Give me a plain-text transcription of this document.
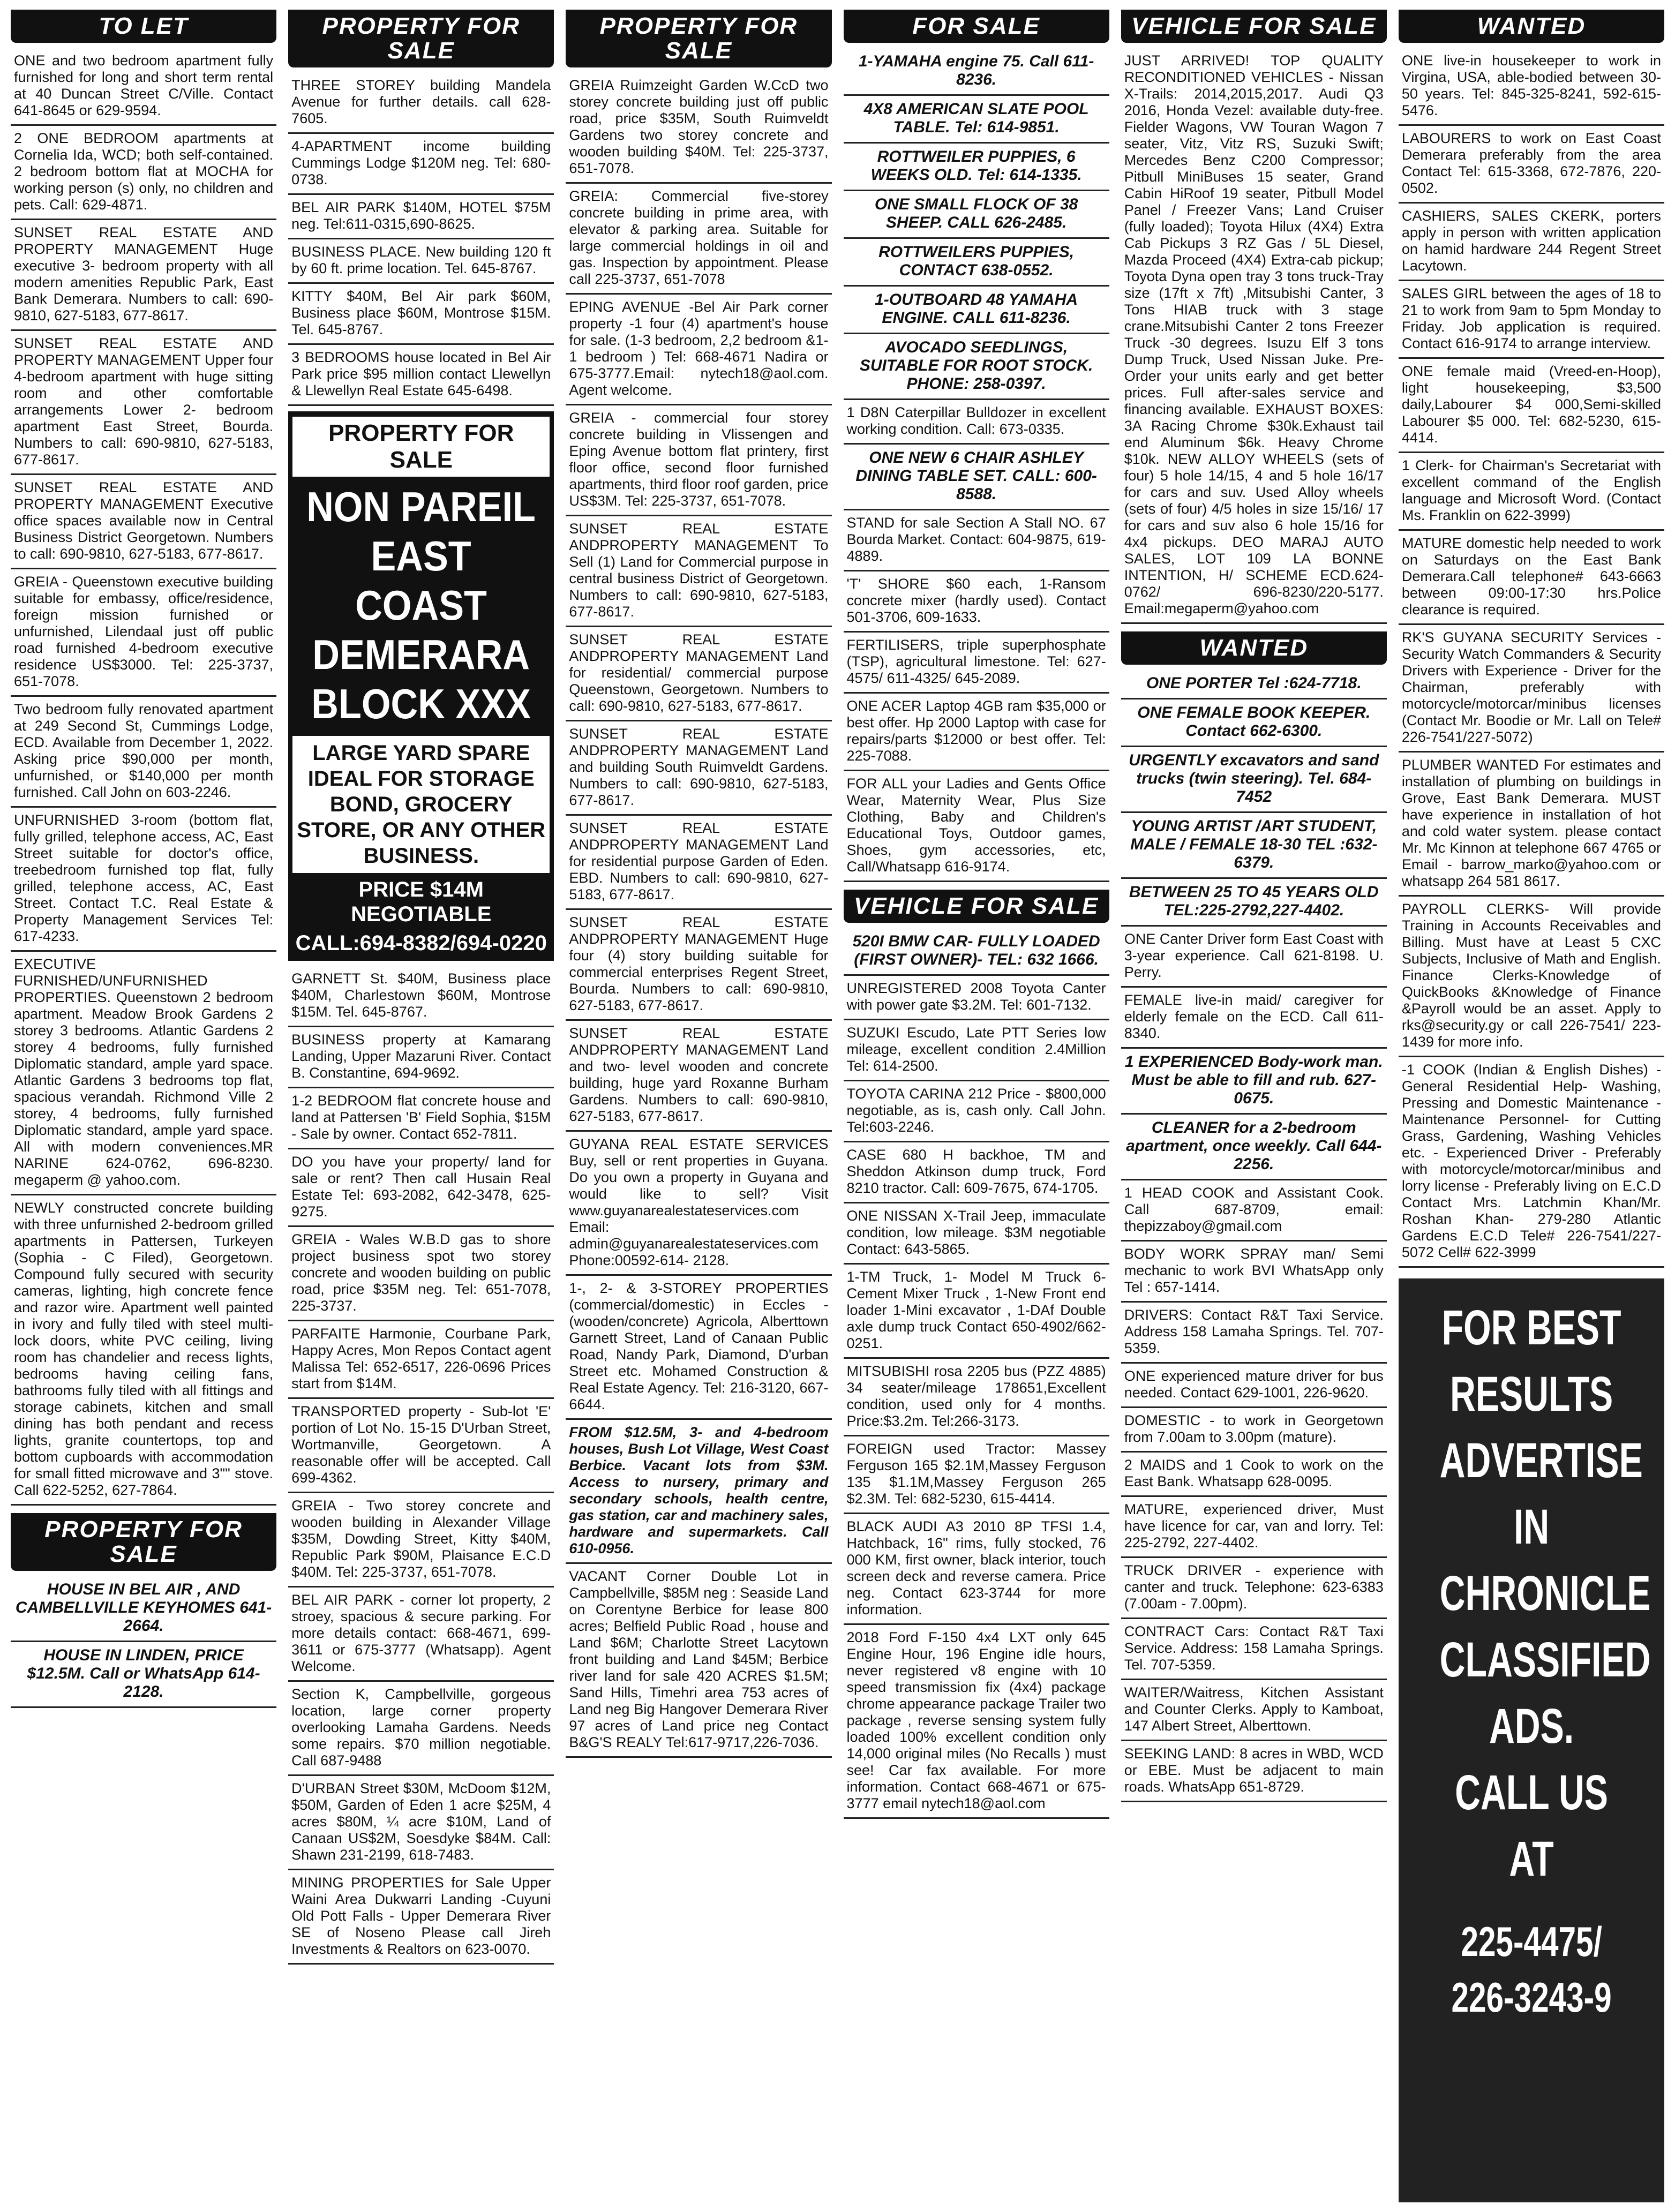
TO LET
ONE and two bedroom apartment fully furnished for long and short term rental at 40 Duncan Street C/Ville. Contact 641-8645 or 629-9594.
2 ONE BEDROOM apartments at Cornelia Ida, WCD; both self-contained. 2 bedroom bottom flat at MOCHA for working person (s) only, no children and pets. Call: 629-4871.
SUNSET REAL ESTATE AND PROPERTY MANAGEMENT Huge executive 3- bedroom property with all modern amenities Republic Park, East Bank Demerara. Numbers to call: 690-9810, 627-5183, 677-8617.
SUNSET REAL ESTATE AND PROPERTY MANAGEMENT Upper four 4-bedroom apartment with huge sitting room and other comfortable arrangements Lower 2- bedroom apartment East Street, Bourda. Numbers to call: 690-9810, 627-5183, 677-8617.
SUNSET REAL ESTATE AND PROPERTY MANAGEMENT Executive office spaces available now in Central Business District Georgetown. Numbers to call: 690-9810, 627-5183, 677-8617.
GREIA - Queenstown executive building suitable for embassy, office/residence, foreign mission furnished or unfurnished, Lilendaal just off public road furnished 4-bedroom executive residence US$3000. Tel: 225-3737, 651-7078.
Two bedroom fully renovated apartment at 249 Second St, Cummings Lodge, ECD. Available from December 1, 2022. Asking price $90,000 per month, unfurnished, or $140,000 per month furnished. Call John on 603-2246.
UNFURNISHED 3-room (bottom flat, fully grilled, telephone access, AC, East Street suitable for doctor's office, treebedroom furnished top flat, fully grilled, telephone access, AC, East Street. Contact T.C. Real Estate & Property Management Services Tel: 617-4233.
EXECUTIVE FURNISHED/UNFURNISHED PROPERTIES. Queenstown 2 bedroom apartment. Meadow Brook Gardens 2 storey 3 bedrooms. Atlantic Gardens 2 storey 4 bedrooms, fully furnished Diplomatic standard, ample yard space. Atlantic Gardens 3 bedrooms top flat, spacious verandah. Richmond Ville 2 storey, 4 bedrooms, fully furnished Diplomatic standard, ample yard space. All with modern conveniences.MR NARINE 624-0762, 696-8230. megaperm @ yahoo.com.
NEWLY constructed concrete building with three unfurnished 2-bedroom grilled apartments in Pattersen, Turkeyen (Sophia - C Filed), Georgetown. Compound fully secured with security cameras, lighting, high concrete fence and razor wire. Apartment well painted in ivory and fully tiled with steel multi-lock doors, white PVC ceiling, living room has chandelier and recess lights, bedrooms having ceiling fans, bathrooms fully tiled with all fittings and storage cabinets, kitchen and small dining has both pendant and recess lights, granite countertops, top and bottom cupboards with accommodation for small fitted microwave and 3"" stove. Call 622-5252, 627-7864.
PROPERTY FOR SALE
HOUSE IN BEL AIR , AND CAMBELLVILLE KEYHOMES 641-2664.
HOUSE IN LINDEN, PRICE $12.5M. Call or WhatsApp 614-2128.
PROPERTY FOR SALE
THREE STOREY building Mandela Avenue for further details. call 628-7605.
4-APARTMENT income building Cummings Lodge $120M neg. Tel: 680-0738.
BEL AIR PARK $140M, HOTEL $75M neg. Tel:611-0315,690-8625.
BUSINESS PLACE. New building 120 ft by 60 ft. prime location. Tel. 645-8767.
KITTY $40M, Bel Air park $60M, Business place $60M, Montrose $15M. Tel. 645-8767.
3 BEDROOMS house located in Bel Air Park price $95 million contact Llewellyn & Llewellyn Real Estate 645-6498.
PROPERTY FOR SALE
NON PAREIL
EAST COAST
DEMERARA
BLOCK XXX
LARGE YARD SPARE IDEAL FOR STORAGE BOND, GROCERY STORE, OR ANY OTHER BUSINESS.
PRICE $14M NEGOTIABLE
CALL:694-8382/694-0220
GARNETT St. $40M, Business place $40M, Charlestown $60M, Montrose $15M. Tel. 645-8767.
BUSINESS property at Kamarang Landing, Upper Mazaruni River. Contact B. Constantine, 694-9692.
1-2 BEDROOM flat concrete house and land at Pattersen 'B' Field Sophia, $15M - Sale by owner. Contact 652-7811.
DO you have your property/ land for sale or rent? Then call Husain Real Estate Tel: 693-2082, 642-3478, 625-9275.
GREIA - Wales W.B.D gas to shore project business spot two storey concrete and wooden building on public road, price $35M neg. Tel: 651-7078, 225-3737.
PARFAITE Harmonie, Courbane Park, Happy Acres, Mon Repos Contact agent Malissa Tel: 652-6517, 226-0696 Prices start from $14M.
TRANSPORTED property - Sub-lot 'E' portion of Lot No. 15-15 D'Urban Street, Wortmanville, Georgetown. A reasonable offer will be accepted. Call 699-4362.
GREIA - Two storey concrete and wooden building in Alexander Village $35M, Dowding Street, Kitty $40M, Republic Park $90M, Plaisance E.C.D $40M. Tel: 225-3737, 651-7078.
BEL AIR PARK - corner lot property, 2 stroey, spacious & secure parking. For more details contact: 668-4671, 699-3611 or 675-3777 (Whatsapp). Agent Welcome.
Section K, Campbellville, gorgeous location, large corner property overlooking Lamaha Gardens. Needs some repairs. $70 million negotiable. Call 687-9488
D'URBAN Street $30M, McDoom $12M, $50M, Garden of Eden 1 acre $25M, 4 acres $80M, ¼ acre $10M, Land of Canaan US$2M, Soesdyke $84M. Call: Shawn 231-2199, 618-7483.
MINING PROPERTIES for Sale Upper Waini Area Dukwarri Landing -Cuyuni Old Pott Falls - Upper Demerara River SE of Noseno Please call Jireh Investments & Realtors on 623-0070.
PROPERTY FOR SALE
GREIA Ruimzeight Garden W.CcD two storey concrete building just off public road, price $35M, South Ruimveldt Gardens two storey concrete and wooden building $40M. Tel: 225-3737, 651-7078.
GREIA: Commercial five-storey concrete building in prime area, with elevator & parking area. Suitable for large commercial holdings in oil and gas. Inspection by appointment. Please call 225-3737, 651-7078
EPING AVENUE -Bel Air Park corner property -1 four (4) apartment's house for sale. (1-3 bedroom, 2,2 bedroom &1-1 bedroom ) Tel: 668-4671 Nadira or 675-3777.Email: nytech18@aol.com. Agent welcome.
GREIA - commercial four storey concrete building in Vlissengen and Eping Avenue bottom flat printery, first floor office, second floor furnished apartments, third floor roof garden, price US$3M. Tel: 225-3737, 651-7078.
SUNSET REAL ESTATE ANDPROPERTY MANAGEMENT To Sell (1) Land for Commercial purpose in central business District of Georgetown. Numbers to call: 690-9810, 627-5183, 677-8617.
SUNSET REAL ESTATE ANDPROPERTY MANAGEMENT Land for residential/ commercial purpose Queenstown, Georgetown. Numbers to call: 690-9810, 627-5183, 677-8617.
SUNSET REAL ESTATE ANDPROPERTY MANAGEMENT Land and building South Ruimveldt Gardens. Numbers to call: 690-9810, 627-5183, 677-8617.
SUNSET REAL ESTATE ANDPROPERTY MANAGEMENT Land for residential purpose Garden of Eden. EBD. Numbers to call: 690-9810, 627-5183, 677-8617.
SUNSET REAL ESTATE ANDPROPERTY MANAGEMENT Huge four (4) story building suitable for commercial enterprises Regent Street, Bourda. Numbers to call: 690-9810, 627-5183, 677-8617.
SUNSET REAL ESTATE ANDPROPERTY MANAGEMENT Land and two- level wooden and concrete building, huge yard Roxanne Burham Gardens. Numbers to call: 690-9810, 627-5183, 677-8617.
GUYANA REAL ESTATE SERVICES Buy, sell or rent properties in Guyana. Do you own a property in Guyana and would like to sell? Visit www.guyanarealestateservices.com Email: admin@guyanarealestateservices.com Phone:00592-614- 2128.
1-, 2- & 3-STOREY PROPERTIES (commercial/domestic) in Eccles - (wooden/concrete) Agricola, Alberttown Garnett Street, Land of Canaan Public Road, Nandy Park, Diamond, D'urban Street etc. Mohamed Construction & Real Estate Agency. Tel: 216-3120, 667-6644.
FROM $12.5M, 3- and 4-bedroom houses, Bush Lot Village, West Coast Berbice. Vacant lots from $3M. Access to nursery, primary and secondary schools, health centre, gas station, car and machinery sales, hardware and supermarkets. Call 610-0956.
VACANT Corner Double Lot in Campbellville, $85M neg : Seaside Land on Corentyne Berbice for lease 800 acres; Belfield Public Road , house and Land $6M; Charlotte Street Lacytown front building and Land $45M; Berbice river land for sale 420 ACRES $1.5M; Sand Hills, Timehri area 753 acres of Land neg Big Hangover Demerara River 97 acres of Land price neg Contact B&G'S REALY Tel:617-9717,226-7036.
FOR SALE
1-YAMAHA engine 75. Call 611-8236.
4X8 AMERICAN SLATE POOL TABLE. Tel: 614-9851.
ROTTWEILER PUPPIES, 6 WEEKS OLD. Tel: 614-1335.
ONE SMALL FLOCK OF 38 SHEEP. CALL 626-2485.
ROTTWEILERS PUPPIES, CONTACT 638-0552.
1-OUTBOARD 48 YAMAHA ENGINE. CALL 611-8236.
AVOCADO SEEDLINGS, SUITABLE FOR ROOT STOCK. PHONE: 258-0397.
1 D8N Caterpillar Bulldozer in excellent working condition. Call: 673-0335.
ONE NEW 6 CHAIR ASHLEY DINING TABLE SET. CALL: 600-8588.
STAND for sale Section A Stall NO. 67 Bourda Market. Contact: 604-9875, 619-4889.
'T' SHORE $60 each, 1-Ransom concrete mixer (hardly used). Contact 501-3706, 609-1633.
FERTILISERS, triple superphosphate (TSP), agricultural limestone. Tel: 627-4575/ 611-4325/ 645-2089.
ONE ACER Laptop 4GB ram $35,000 or best offer. Hp 2000 Laptop with case for repairs/parts $12000 or best offer. Tel: 225-7088.
FOR ALL your Ladies and Gents Office Wear, Maternity Wear, Plus Size Clothing, Baby and Children's Educational Toys, Outdoor games, Shoes, gym accessories, etc, Call/Whatsapp 616-9174.
VEHICLE FOR SALE
520I BMW CAR- FULLY LOADED (FIRST OWNER)- TEL: 632 1666.
UNREGISTERED 2008 Toyota Canter with power gate $3.2M. Tel: 601-7132.
SUZUKI Escudo, Late PTT Series low mileage, excellent condition 2.4Million Tel: 614-2500.
TOYOTA CARINA 212 Price - $800,000 negotiable, as is, cash only. Call John. Tel:603-2246.
CASE 680 H backhoe, TM and Sheddon Atkinson dump truck, Ford 8210 tractor. Call: 609-7675, 674-1705.
ONE NISSAN X-Trail Jeep, immaculate condition, low mileage. $3M negotiable Contact: 643-5865.
1-TM Truck, 1- Model M Truck 6-Cement Mixer Truck , 1-New Front end loader 1-Mini excavator , 1-DAf Double axle dump truck Contact 650-4902/662-0251.
MITSUBISHI rosa 2205 bus (PZZ 4885) 34 seater/mileage 178651,Excellent condition, used only for 4 months. Price:$3.2m. Tel:266-3173.
FOREIGN used Tractor: Massey Ferguson 165 $2.1M,Massey Ferguson 135 $1.1M,Massey Ferguson 265 $2.3M. Tel: 682-5230, 615-4414.
BLACK AUDI A3 2010 8P TFSI 1.4, Hatchback, 16" rims, fully stocked, 76 000 KM, first owner, black interior, touch screen deck and reverse camera. Price neg. Contact 623-3744 for more information.
2018 Ford F-150 4x4 LXT only 645 Engine Hour, 196 Engine idle hours, never registered v8 engine with 10 speed transmission fix (4x4) package chrome appearance package Trailer two package , reverse sensing system fully loaded 100% excellent condition only 14,000 original miles (No Recalls ) must see! Car fax available. For more information. Contact 668-4671 or 675-3777 email nytech18@aol.com
VEHICLE FOR SALE
JUST ARRIVED! TOP QUALITY RECONDITIONED VEHICLES - Nissan X-Trails: 2014,2015,2017. Audi Q3 2016, Honda Vezel: available duty-free. Fielder Wagons, VW Touran Wagon 7 seater, Vitz, Vitz RS, Suzuki Swift; Mercedes Benz C200 Compressor; Pitbull MiniBuses 15 seater, Grand Cabin HiRoof 19 seater, Pitbull Model Panel / Freezer Vans; Land Cruiser (fully loaded); Toyota Hilux (4X4) Extra Cab Pickups 3 RZ Gas / 5L Diesel, Mazda Proceed (4X4) Extra-cab pickup; Toyota Dyna open tray 3 tons truck-Tray size (17ft x 7ft) ,Mitsubishi Canter, 3 Tons HIAB truck with 3 stage crane.Mitsubishi Canter 2 tons Freezer Truck -30 degrees. Isuzu Elf 3 tons Dump Truck, Used Nissan Juke. Pre-Order your units early and get better prices. Full after-sales service and financing available. EXHAUST BOXES: 3A Racing Chrome $30k.Exhaust tail end Aluminum $6k. Heavy Chrome $10k. NEW ALLOY WHEELS (sets of four) 5 hole 14/15, 4 and 5 hole 16/17 for cars and suv. Used Alloy wheels (sets of four) 4/5 holes in size 15/16/ 17 for cars and suv also 6 hole 15/16 for 4x4 pickups. DEO MARAJ AUTO SALES, LOT 109 LA BONNE INTENTION, H/ SCHEME ECD.624-0762/ 696-8230/220-5177. Email:megaperm@yahoo.com
WANTED
ONE PORTER Tel :624-7718.
ONE FEMALE BOOK KEEPER. Contact 662-6300.
URGENTLY excavators and sand trucks (twin steering). Tel. 684-7452
YOUNG ARTIST /ART STUDENT, MALE / FEMALE 18-30 TEL :632-6379.
BETWEEN 25 TO 45 YEARS OLD TEL:225-2792,227-4402.
ONE Canter Driver form East Coast with 3-year experience. Call 621-8198. U. Perry.
FEMALE live-in maid/ caregiver for elderly female on the ECD. Call 611-8340.
1 EXPERIENCED Body-work man. Must be able to fill and rub. 627-0675.
CLEANER for a 2-bedroom apartment, once weekly. Call 644-2256.
1 HEAD COOK and Assistant Cook. Call 687-8709, email: thepizzaboy@gmail.com
BODY WORK SPRAY man/ Semi mechanic to work BVI WhatsApp only Tel : 657-1414.
DRIVERS: Contact R&T Taxi Service. Address 158 Lamaha Springs. Tel. 707-5359.
ONE experienced mature driver for bus needed. Contact 629-1001, 226-9620.
DOMESTIC - to work in Georgetown from 7.00am to 3.00pm (mature).
2 MAIDS and 1 Cook to work on the East Bank. Whatsapp 628-0095.
MATURE, experienced driver, Must have licence for car, van and lorry. Tel: 225-2792, 227-4402.
TRUCK DRIVER - experience with canter and truck. Telephone: 623-6383 (7.00am - 7.00pm).
CONTRACT Cars: Contact R&T Taxi Service. Address: 158 Lamaha Springs. Tel. 707-5359.
WAITER/Waitress, Kitchen Assistant and Counter Clerks. Apply to Kamboat, 147 Albert Street, Alberttown.
SEEKING LAND: 8 acres in WBD, WCD or EBE. Must be adjacent to main roads. WhatsApp 651-8729.
WANTED
ONE live-in housekeeper to work in Virgina, USA, able-bodied between 30-50 years. Tel: 845-325-8241, 592-615-5476.
LABOURERS to work on East Coast Demerara preferably from the area Contact Tel: 615-3368, 672-7876, 220-0502.
CASHIERS, SALES CKERK, porters apply in person with written application on hamid hardware 244 Regent Street Lacytown.
SALES GIRL between the ages of 18 to 21 to work from 9am to 5pm Monday to Friday. Job application is required. Contact 616-9174 to arrange interview.
ONE female maid (Vreed-en-Hoop), light housekeeping, $3,500 daily,Labourer $4 000,Semi-skilled Labourer $5 000. Tel: 682-5230, 615-4414.
1 Clerk- for Chairman's Secretariat with excellent command of the English language and Microsoft Word. (Contact Ms. Franklin on 622-3999)
MATURE domestic help needed to work on Saturdays on the East Bank Demerara.Call telephone# 643-6663 between 09:00-17:30 hrs.Police clearance is required.
RK'S GUYANA SECURITY Services -Security Watch Commanders & Security Drivers with Experience - Driver for the Chairman, preferably with motorcycle/motorcar/minibus licenses (Contact Mr. Boodie or Mr. Lall on Tele# 226-7541/227-5072)
PLUMBER WANTED For estimates and installation of plumbing on buildings in Grove, East Bank Demerara. MUST have experience in installation of hot and cold water system. please contact Mr. Mc Kinnon at telephone 667 4765 or Email - barrow_marko@yahoo.com or whatsapp 264 581 8617.
PAYROLL CLERKS- Will provide Training in Accounts Receivables and Billing. Must have at Least 5 CXC Subjects, Inclusive of Math and English. Finance Clerks-Knowledge of QuickBooks &Knowledge of Finance &Payroll would be an asset. Apply to rks@security.gy or call 226-7541/ 223-1439 for more info.
-1 COOK (Indian & English Dishes) - General Residential Help- Washing, Pressing and Domestic Maintenance - Maintenance Personnel- for Cutting Grass, Gardening, Washing Vehicles etc. - Experienced Driver - Preferably with motorcycle/motorcar/minibus and lorry license - Preferably living on E.C.D Contact Mrs. Latchmin Khan/Mr. Roshan Khan- 279-280 Atlantic Gardens E.C.D Tele# 226-7541/227-5072 Cell# 622-3999
FOR BEST RESULTS
ADVERTISE
IN CHRONICLE
CLASSIFIED ADS.
CALL US AT
225-4475/
226-3243-9
